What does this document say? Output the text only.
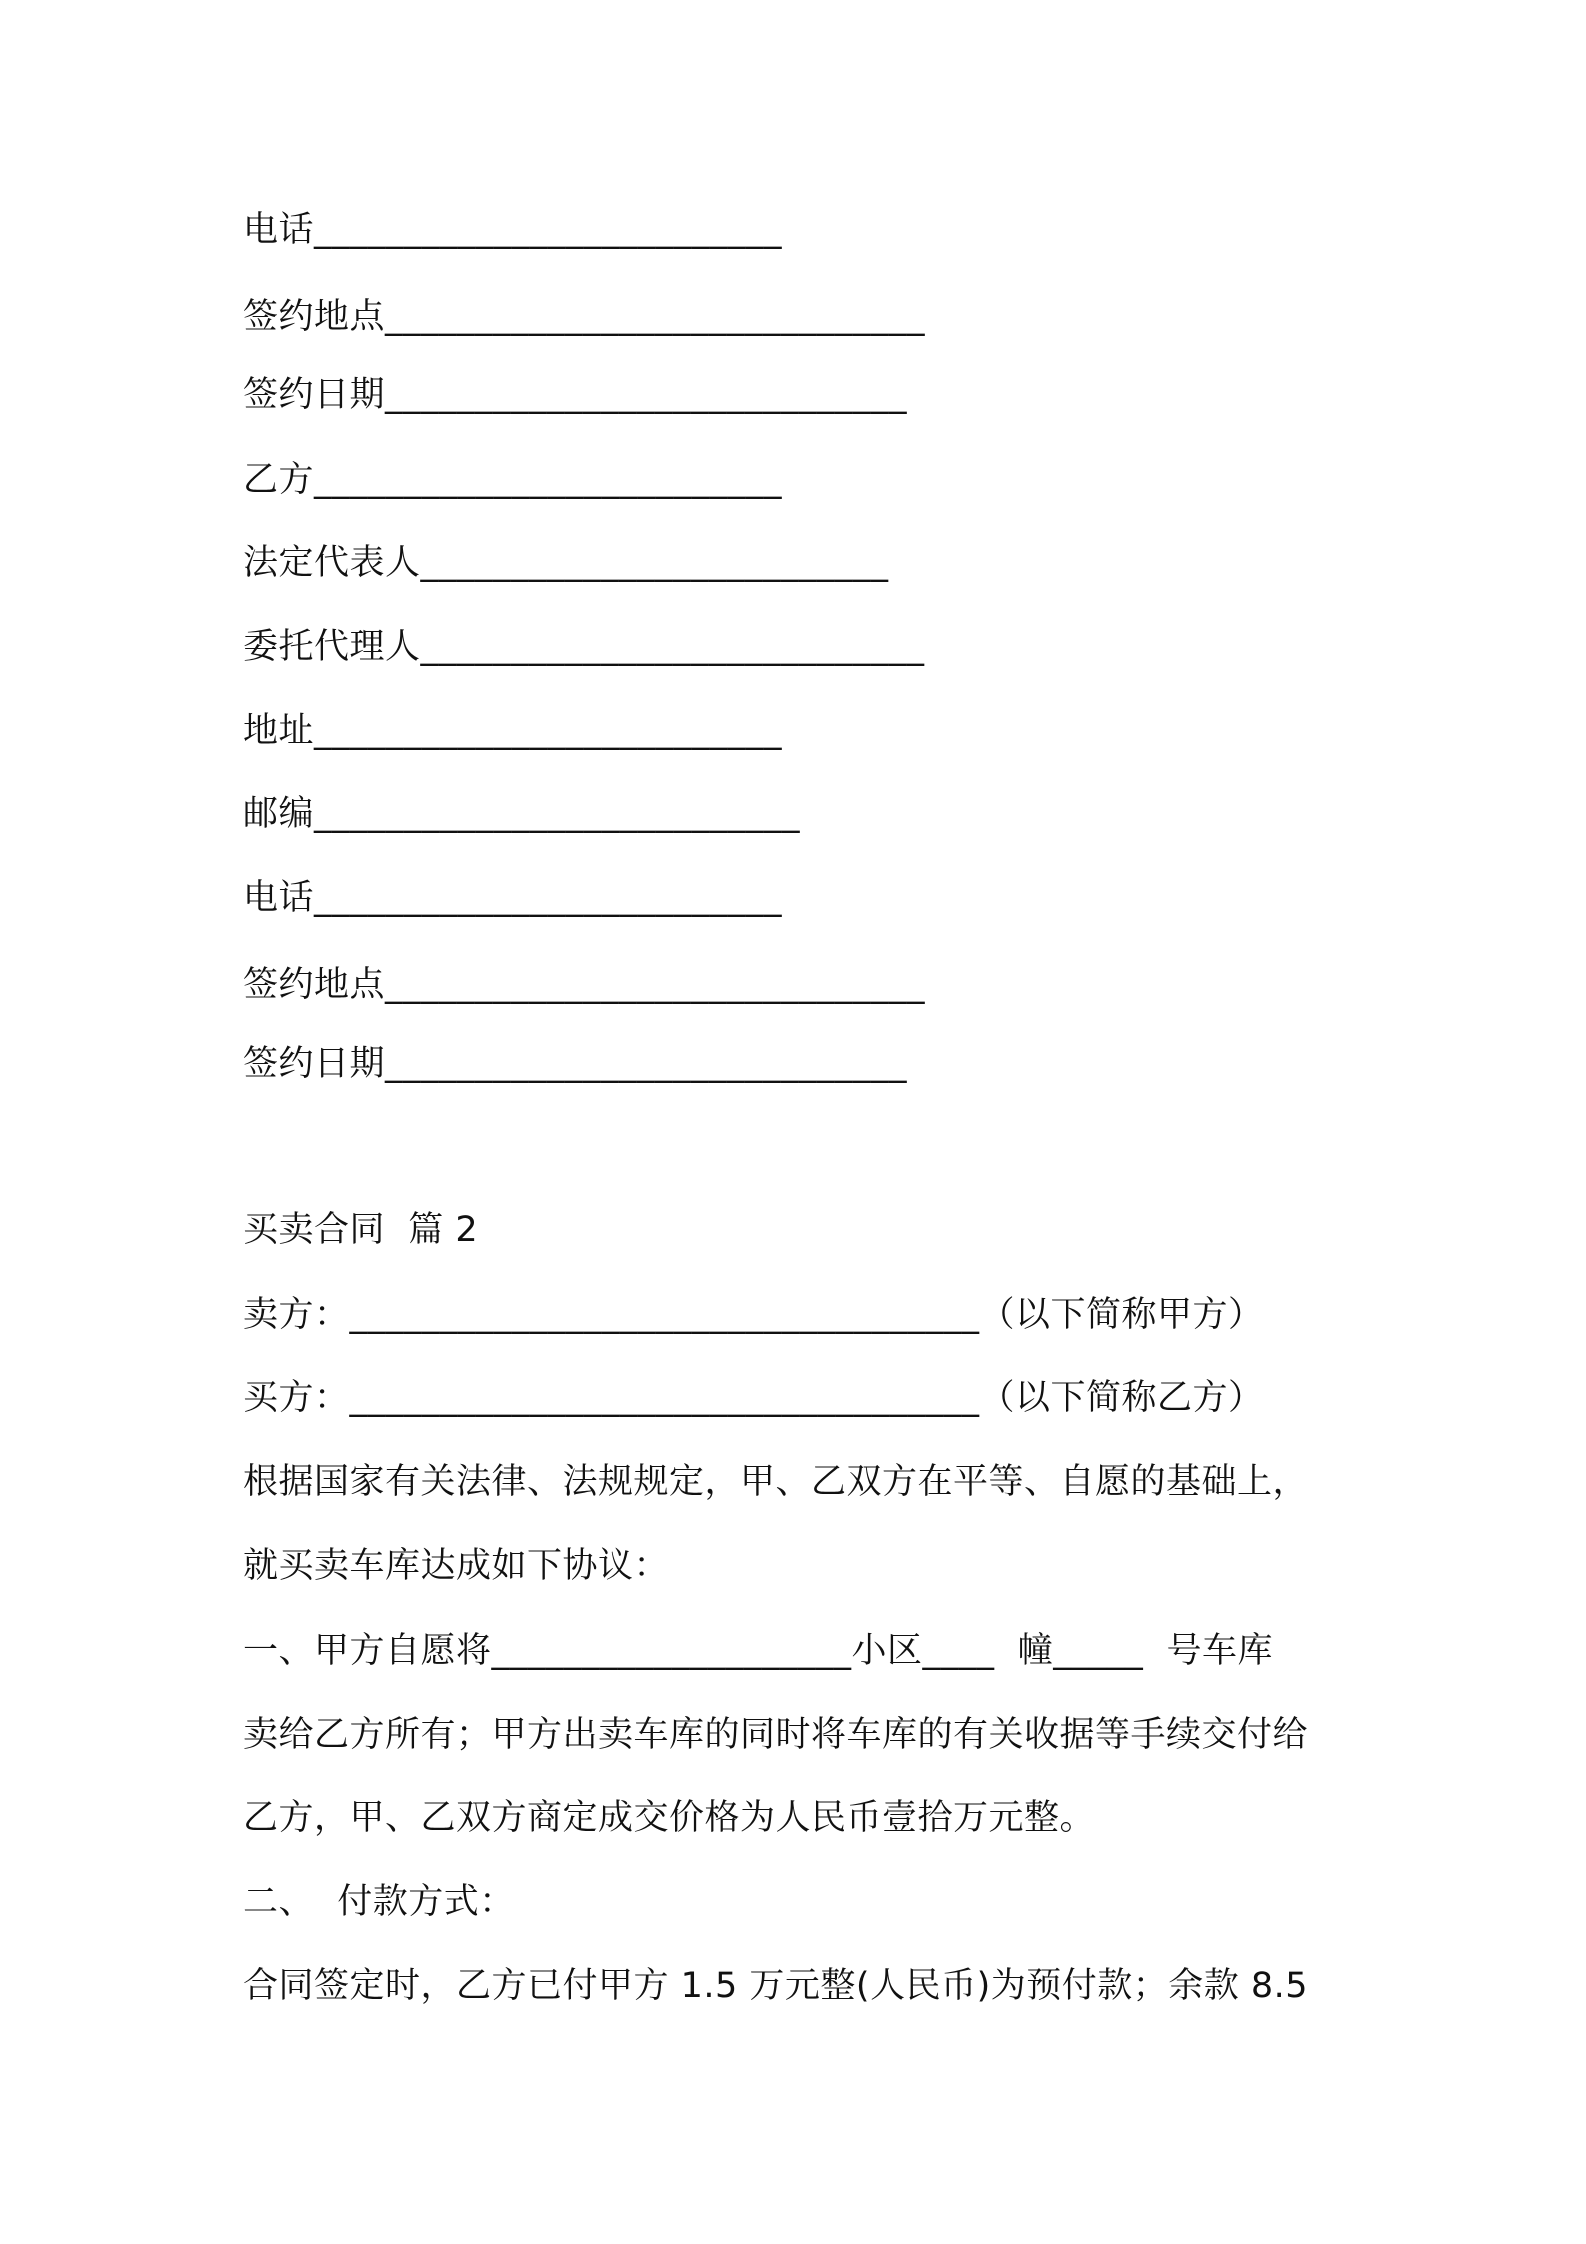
电话__________________________
签约地点______________________________
签约日期_____________________________
乙方__________________________
法定代表人__________________________
委托代理人____________________________
地址__________________________
邮编___________________________
电话__________________________
签约地点______________________________
签约日期_____________________________
买卖合同  篇 2
卖方：___________________________________（以下简称甲方）
买方：___________________________________（以下简称乙方）
根据国家有关法律、法规规定，甲、乙双方在平等、自愿的基础上，
就买卖车库达成如下协议：
一、甲方自愿将____________________小区____  幢_____  号车库
卖给乙方所有；甲方出卖车库的同时将车库的有关收据等手续交付给
乙方，甲、乙双方商定成交价格为人民币壹拾万元整。
二、  付款方式：
合同签定时，乙方已付甲方 1.5 万元整(人民币)为预付款；余款 8.5
